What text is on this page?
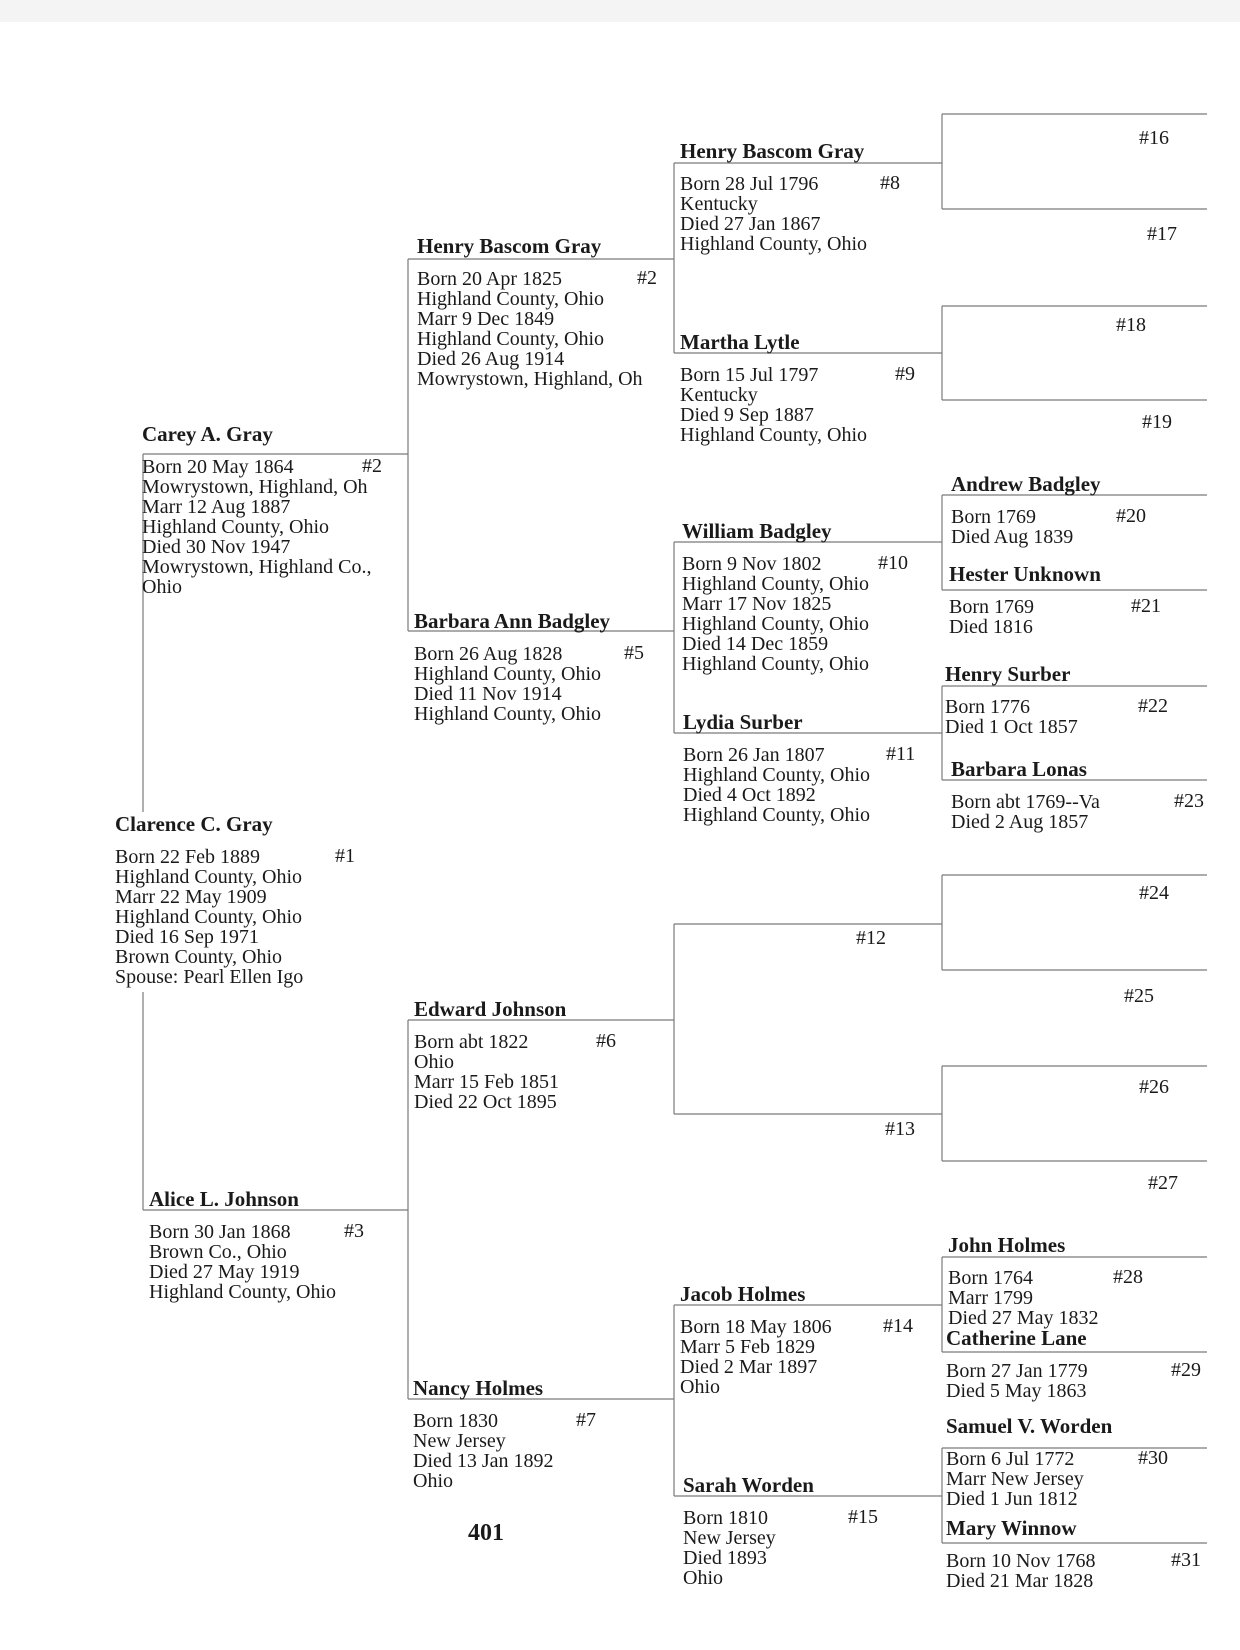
Clarence C. Gray
#1
Born 22 Feb 1889
Highland County, Ohio
Marr 22 May 1909
Highland County, Ohio
Died 16 Sep 1971
Brown County, Ohio
Spouse: Pearl Ellen Igo
Carey A. Gray
#2
Born 20 May 1864
Mowrystown, Highland, Oh
Marr 12 Aug 1887
Highland County, Ohio
Died 30 Nov 1947
Mowrystown, Highland Co.,
Ohio
Alice L. Johnson
#3
Born 30 Jan 1868
Brown Co., Ohio
Died 27 May 1919
Highland County, Ohio
Henry Bascom Gray
#2
Born 20 Apr 1825
Highland County, Ohio
Marr 9 Dec 1849
Highland County, Ohio
Died 26 Aug 1914
Mowrystown, Highland, Oh
Barbara Ann Badgley
#5
Born 26 Aug 1828
Highland County, Ohio
Died 11 Nov 1914
Highland County, Ohio
Edward Johnson
#6
Born abt 1822
Ohio
Marr 15 Feb 1851
Died 22 Oct 1895
Nancy Holmes
#7
Born 1830
New Jersey
Died 13 Jan 1892
Ohio
Henry Bascom Gray
#8
Born 28 Jul 1796
Kentucky
Died 27 Jan 1867
Highland County, Ohio
Martha Lytle
#9
Born 15 Jul 1797
Kentucky
Died 9 Sep 1887
Highland County, Ohio
William Badgley
#10
Born 9 Nov 1802
Highland County, Ohio
Marr 17 Nov 1825
Highland County, Ohio
Died 14 Dec 1859
Highland County, Ohio
Lydia Surber
#11
Born 26 Jan 1807
Highland County, Ohio
Died 4 Oct 1892
Highland County, Ohio
Jacob Holmes
#14
Born 18 May 1806
Marr 5 Feb 1829
Died 2 Mar 1897
Ohio
Sarah Worden
#15
Born 1810
New Jersey
Died 1893
Ohio
Andrew Badgley
#20
Born 1769
Died Aug 1839
Hester Unknown
#21
Born 1769
Died 1816
Henry Surber
#22
Born 1776
Died 1 Oct 1857
Barbara Lonas
#23
Born abt 1769--Va
Died 2 Aug 1857
John Holmes
#28
Born 1764
Marr 1799
Died 27 May 1832
Catherine Lane
#29
Born 27 Jan 1779
Died 5 May 1863
Samuel V. Worden
#30
Born 6 Jul 1772
Marr New Jersey
Died 1 Jun 1812
Mary Winnow
#31
Born 10 Nov 1768
Died 21 Mar 1828
#12
#13
#16
#17
#18
#19
#24
#25
#26
#27
401
